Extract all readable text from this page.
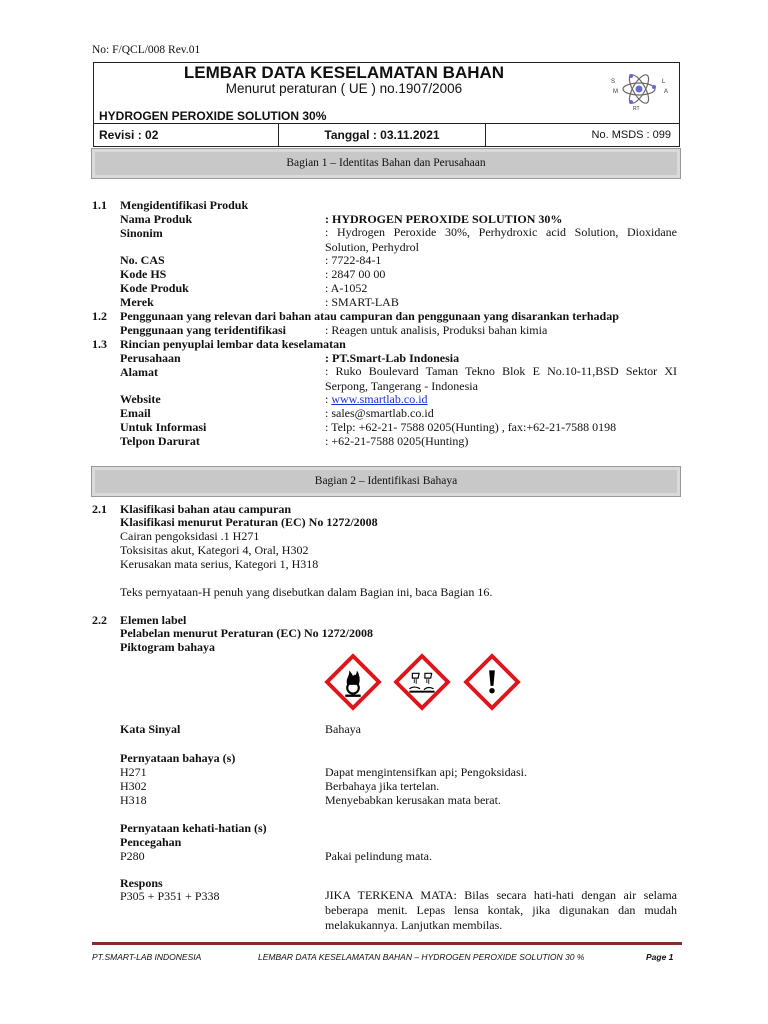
No: F/QCL/008 Rev.01
LEMBAR DATA KESELAMATAN BAHAN
Menurut peraturan ( UE ) no.1907/2006
HYDROGEN PEROXIDE SOLUTION 30%
S
M
L
A
RT
Revisi : 02	Tanggal : 03.11.2021	No. MSDS : 099
Bagian 1 – Identitas Bahan dan Perusahaan
1.1 Mengidentifikasi Produk
Nama Produk	: HYDROGEN PEROXIDE SOLUTION 30%
Sinonim	: Hydrogen Peroxide 30%, Perhydroxic acid Solution, Dioxidane Solution, Perhydrol
No. CAS	: 7722-84-1
Kode HS	: 2847 00 00
Kode Produk	: A-1052
Merek	: SMART-LAB
1.2 Penggunaan yang relevan dari bahan atau campuran dan penggunaan yang disarankan terhadap
Penggunaan yang teridentifikasi	: Reagen untuk analisis, Produksi bahan kimia
1.3 Rincian penyuplai lembar data keselamatan
Perusahaan	: PT.Smart-Lab Indonesia
Alamat	: Ruko Boulevard Taman Tekno Blok E No.10-11,BSD Sektor XI Serpong, Tangerang - Indonesia
Website	: www.smartlab.co.id
Email	: sales@smartlab.co.id
Untuk Informasi	: Telp: +62-21- 7588 0205(Hunting) , fax:+62-21-7588 0198
Telpon Darurat	: +62-21-7588 0205(Hunting)
Bagian 2 – Identifikasi Bahaya
2.1 Klasifikasi bahan atau campuran
Klasifikasi menurut Peraturan (EC) No 1272/2008
Cairan pengoksidasi .1 H271
Toksisitas akut, Kategori 4, Oral, H302
Kerusakan mata serius, Kategori 1, H318
Teks pernyataan-H penuh yang disebutkan dalam Bagian ini, baca Bagian 16.
2.2 Elemen label
Pelabelan menurut Peraturan (EC) No 1272/2008
Piktogram bahaya
Kata Sinyal	Bahaya
Pernyataan bahaya (s)
H271	Dapat mengintensifkan api; Pengoksidasi.
H302	Berbahaya jika tertelan.
H318	Menyebabkan kerusakan mata berat.
Pernyataan kehati-hatian (s)
Pencegahan
P280	Pakai pelindung mata.
Respons
P305 + P351 + P338	JIKA TERKENA MATA: Bilas secara hati-hati dengan air selama beberapa menit. Lepas lensa kontak, jika digunakan dan mudah melakukannya. Lanjutkan membilas.
PT.SMART-LAB INDONESIA	LEMBAR DATA KESELAMATAN BAHAN – HYDROGEN PEROXIDE SOLUTION 30 %	Page 1
